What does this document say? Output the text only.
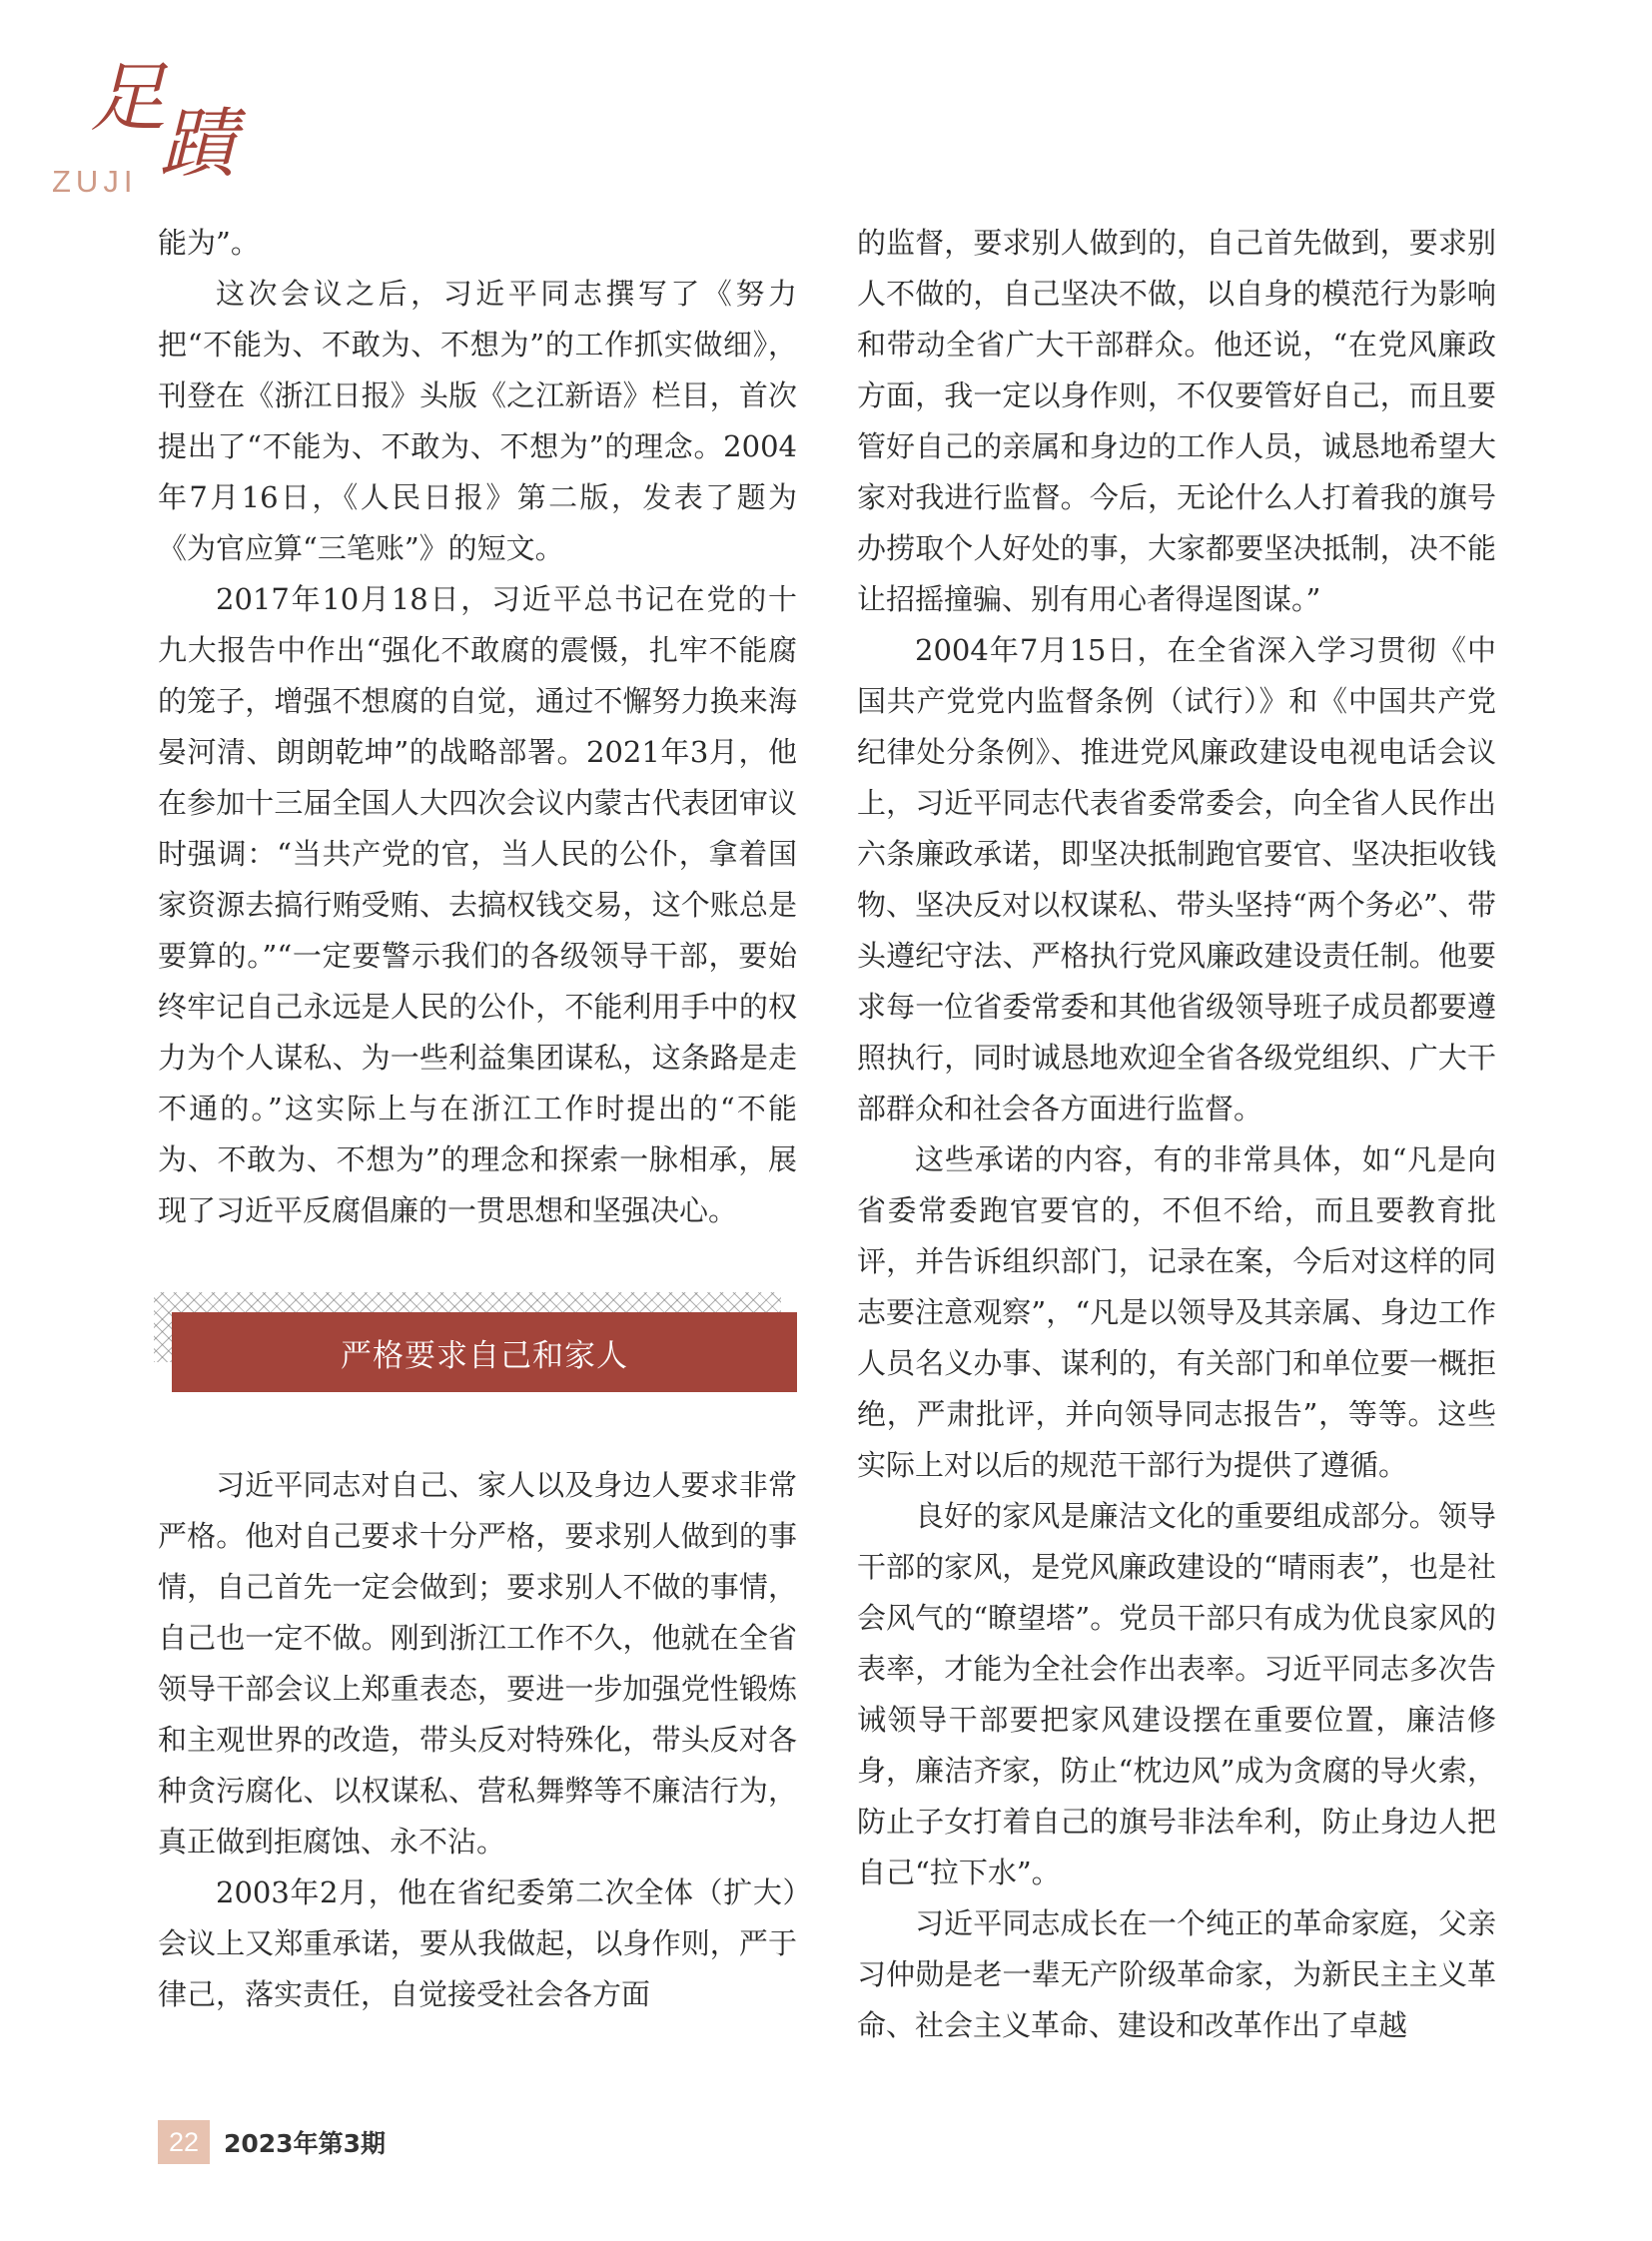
足
蹟
ZUJI

能为”。

这次会议之后，习近平同志撰写了《努力把“不能为、不敢为、不想为”的工作抓实做细》，刊登在《浙江日报》头版《之江新语》栏目，首次提出了“不能为、不敢为、不想为”的理念。2004年7月16日，《人民日报》第二版，发表了题为《为官应算“三笔账”》的短文。

2017年10月18日，习近平总书记在党的十九大报告中作出“强化不敢腐的震慑，扎牢不能腐的笼子，增强不想腐的自觉，通过不懈努力换来海晏河清、朗朗乾坤”的战略部署。2021年3月，他在参加十三届全国人大四次会议内蒙古代表团审议时强调：“当共产党的官，当人民的公仆，拿着国家资源去搞行贿受贿、去搞权钱交易，这个账总是要算的。”“一定要警示我们的各级领导干部，要始终牢记自己永远是人民的公仆，不能利用手中的权力为个人谋私、为一些利益集团谋私，这条路是走不通的。”这实际上与在浙江工作时提出的“不能为、不敢为、不想为”的理念和探索一脉相承，展现了习近平反腐倡廉的一贯思想和坚强决心。

严格要求自己和家人

习近平同志对自己、家人以及身边人要求非常严格。他对自己要求十分严格，要求别人做到的事情，自己首先一定会做到；要求别人不做的事情，自己也一定不做。刚到浙江工作不久，他就在全省领导干部会议上郑重表态，要进一步加强党性锻炼和主观世界的改造，带头反对特殊化，带头反对各种贪污腐化、以权谋私、营私舞弊等不廉洁行为，真正做到拒腐蚀、永不沾。

2003年2月，他在省纪委第二次全体（扩大）会议上又郑重承诺，要从我做起，以身作则，严于律己，落实责任，自觉接受社会各方面

的监督，要求别人做到的，自己首先做到，要求别人不做的，自己坚决不做，以自身的模范行为影响和带动全省广大干部群众。他还说，“在党风廉政方面，我一定以身作则，不仅要管好自己，而且要管好自己的亲属和身边的工作人员，诚恳地希望大家对我进行监督。今后，无论什么人打着我的旗号办捞取个人好处的事，大家都要坚决抵制，决不能让招摇撞骗、别有用心者得逞图谋。”

2004年7月15日，在全省深入学习贯彻《中国共产党党内监督条例（试行）》和《中国共产党纪律处分条例》、推进党风廉政建设电视电话会议上，习近平同志代表省委常委会，向全省人民作出六条廉政承诺，即坚决抵制跑官要官、坚决拒收钱物、坚决反对以权谋私、带头坚持“两个务必”、带头遵纪守法、严格执行党风廉政建设责任制。他要求每一位省委常委和其他省级领导班子成员都要遵照执行，同时诚恳地欢迎全省各级党组织、广大干部群众和社会各方面进行监督。

这些承诺的内容，有的非常具体，如“凡是向省委常委跑官要官的，不但不给，而且要教育批评，并告诉组织部门，记录在案，今后对这样的同志要注意观察”，“凡是以领导及其亲属、身边工作人员名义办事、谋利的，有关部门和单位要一概拒绝，严肃批评，并向领导同志报告”，等等。这些实际上对以后的规范干部行为提供了遵循。

良好的家风是廉洁文化的重要组成部分。领导干部的家风，是党风廉政建设的“晴雨表”，也是社会风气的“瞭望塔”。党员干部只有成为优良家风的表率，才能为全社会作出表率。习近平同志多次告诫领导干部要把家风建设摆在重要位置，廉洁修身，廉洁齐家，防止“枕边风”成为贪腐的导火索，防止子女打着自己的旗号非法牟利，防止身边人把自己“拉下水”。

习近平同志成长在一个纯正的革命家庭，父亲习仲勋是老一辈无产阶级革命家，为新民主主义革命、社会主义革命、建设和改革作出了卓越

22 2023年第3期
